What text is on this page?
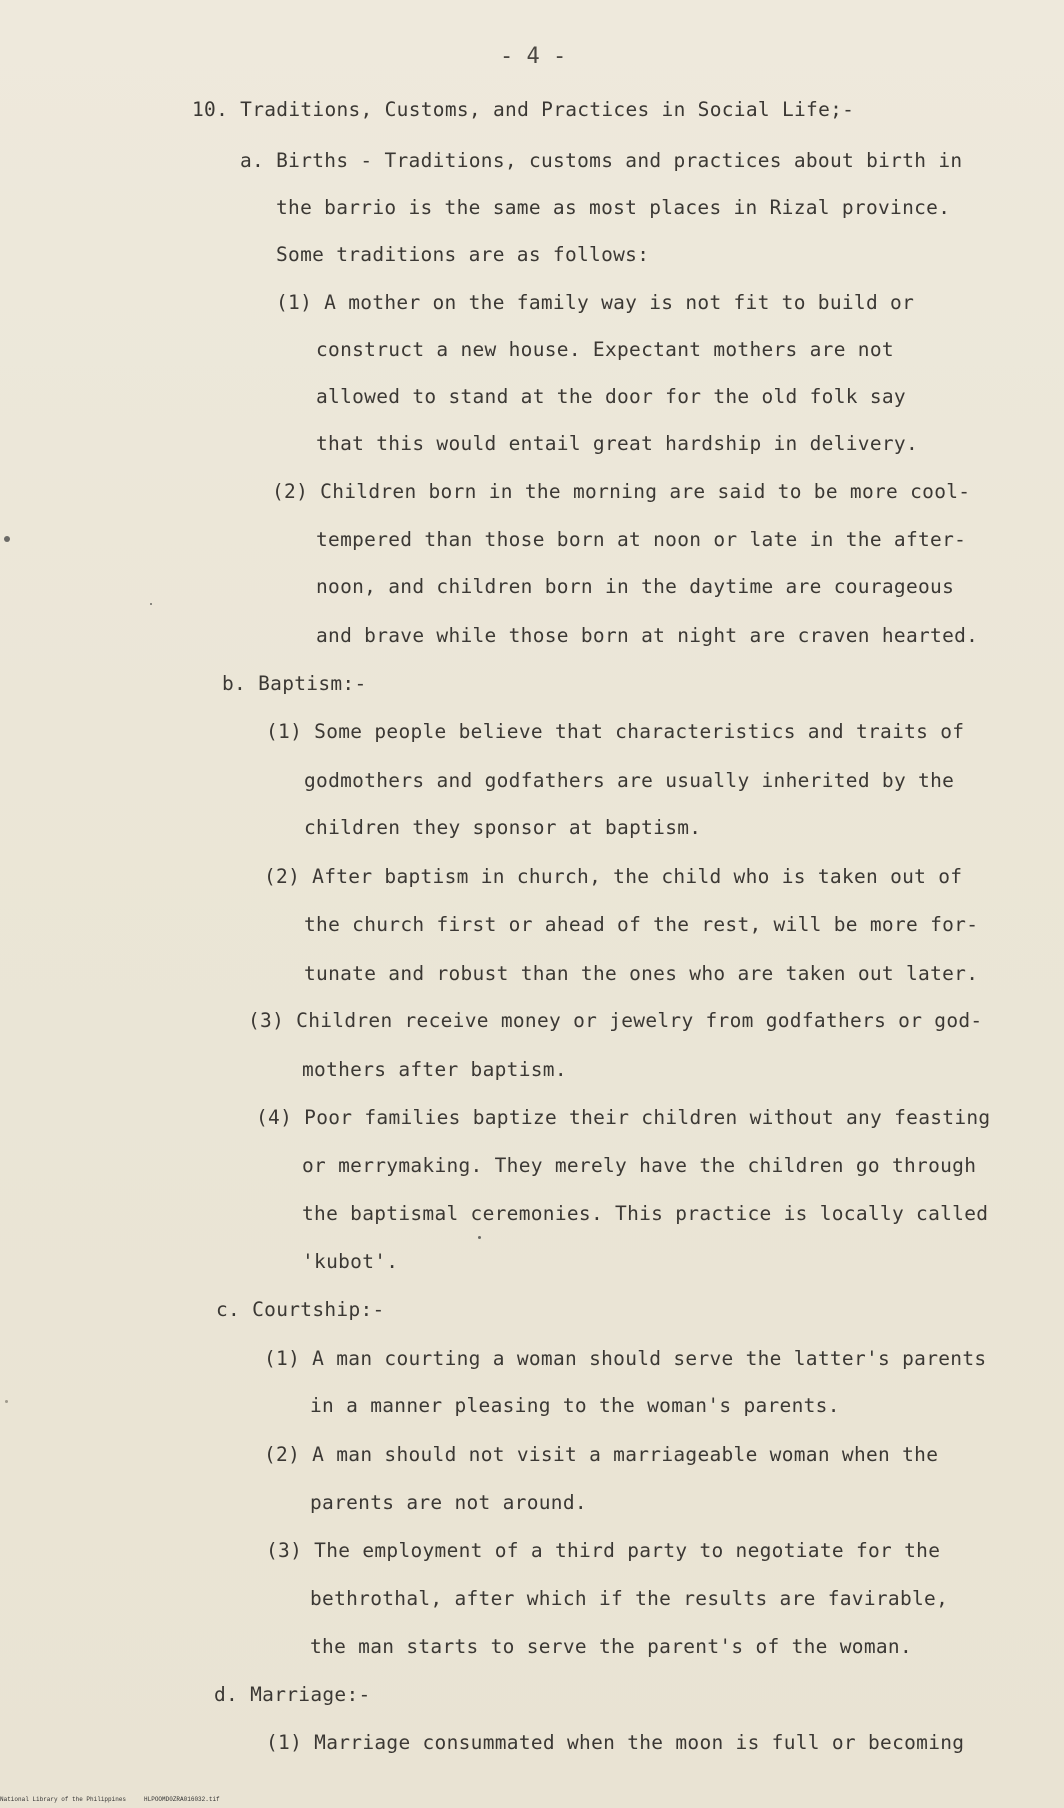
- 4 -
10. Traditions, Customs, and Practices in Social Life;-
a. Births - Traditions, customs and practices about birth in
the barrio is the same as most places in Rizal province.
Some traditions are as follows:
(1) A mother on the family way is not fit to build or
construct a new house. Expectant mothers are not
allowed to stand at the door for the old folk say
that this would entail great hardship in delivery.
(2) Children born in the morning are said to be more cool-
tempered than those born at noon or late in the after-
noon, and children born in the daytime are courageous
and brave while those born at night are craven hearted.
b. Baptism:-
(1) Some people believe that characteristics and traits of
godmothers and godfathers are usually inherited by the
children they sponsor at baptism.
(2) After baptism in church, the child who is taken out of
the church first or ahead of the rest, will be more for-
tunate and robust than the ones who are taken out later.
(3) Children receive money or jewelry from godfathers or god-
mothers after baptism.
(4) Poor families baptize their children without any feasting
or merrymaking. They merely have the children go through
the baptismal ceremonies. This practice is locally called
'kubot'.
c. Courtship:-
(1) A man courting a woman should serve the latter's parents
in a manner pleasing to the woman's parents.
(2) A man should not visit a marriageable woman when the
parents are not around.
(3) The employment of a third party to negotiate for the
bethrothal, after which if the results are favirable,
the man starts to serve the parent's of the woman.
d. Marriage:-
(1) Marriage consummated when the moon is full or becoming
National Library of the Philippines	HLPOOMD0ZRA016032.tif
